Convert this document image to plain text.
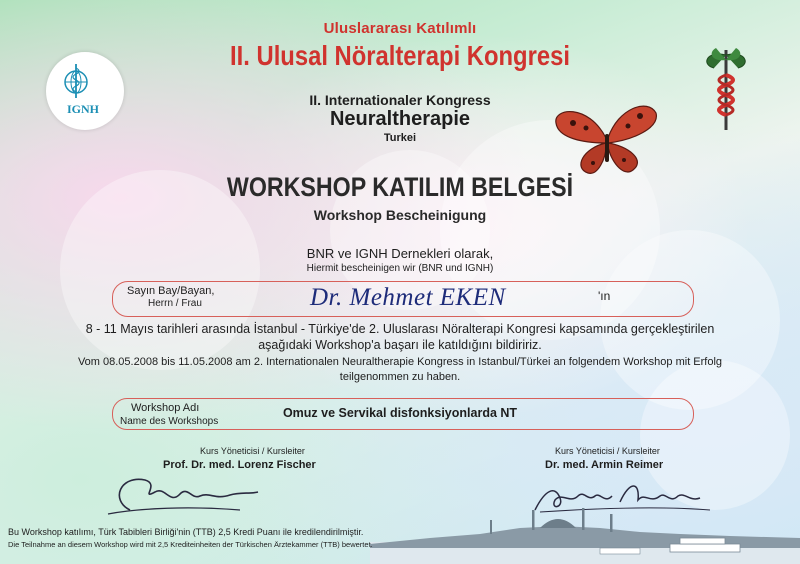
IGNH
Uluslararası Katılımlı
II. Ulusal Nöralterapi Kongresi
II. Internationaler Kongress
Neuraltherapie
Turkei
WORKSHOP KATILIM BELGESİ
Workshop Bescheinigung
BNR ve IGNH Dernekleri olarak,
Hiermit bescheinigen wir (BNR und IGNH)
Sayın Bay/Bayan,
Herrn / Frau	Dr. Mehmet EKEN	'ın
8 - 11 Mayıs tarihleri arasında İstanbul - Türkiye'de 2. Uluslarası Nöralterapi Kongresi kapsamında gerçekleştirilen
aşağıdaki Workshop'a başarı ile katıldığını bildiririz.
Vom 08.05.2008 bis 11.05.2008 am 2. Internationalen Neuraltherapie Kongress in Istanbul/Türkei an folgendem Workshop mit Erfolg
teilgenommen zu haben.
Workshop Adı
Name des Workshops
Omuz ve Servikal disfonksiyonlarda NT
Kurs Yöneticisi / Kursleiter
Prof. Dr. med. Lorenz Fischer
Kurs Yöneticisi / Kursleiter
Dr. med. Armin Reimer
Bu Workshop katılımı, Türk Tabibleri Birliği'nin (TTB) 2,5 Kredi Puanı ile kredilendirilmiştir.
Die Teilnahme an diesem Workshop wird mit 2,5 Krediteinheiten der Türkischen Ärztekammer (TTB) bewertet.
